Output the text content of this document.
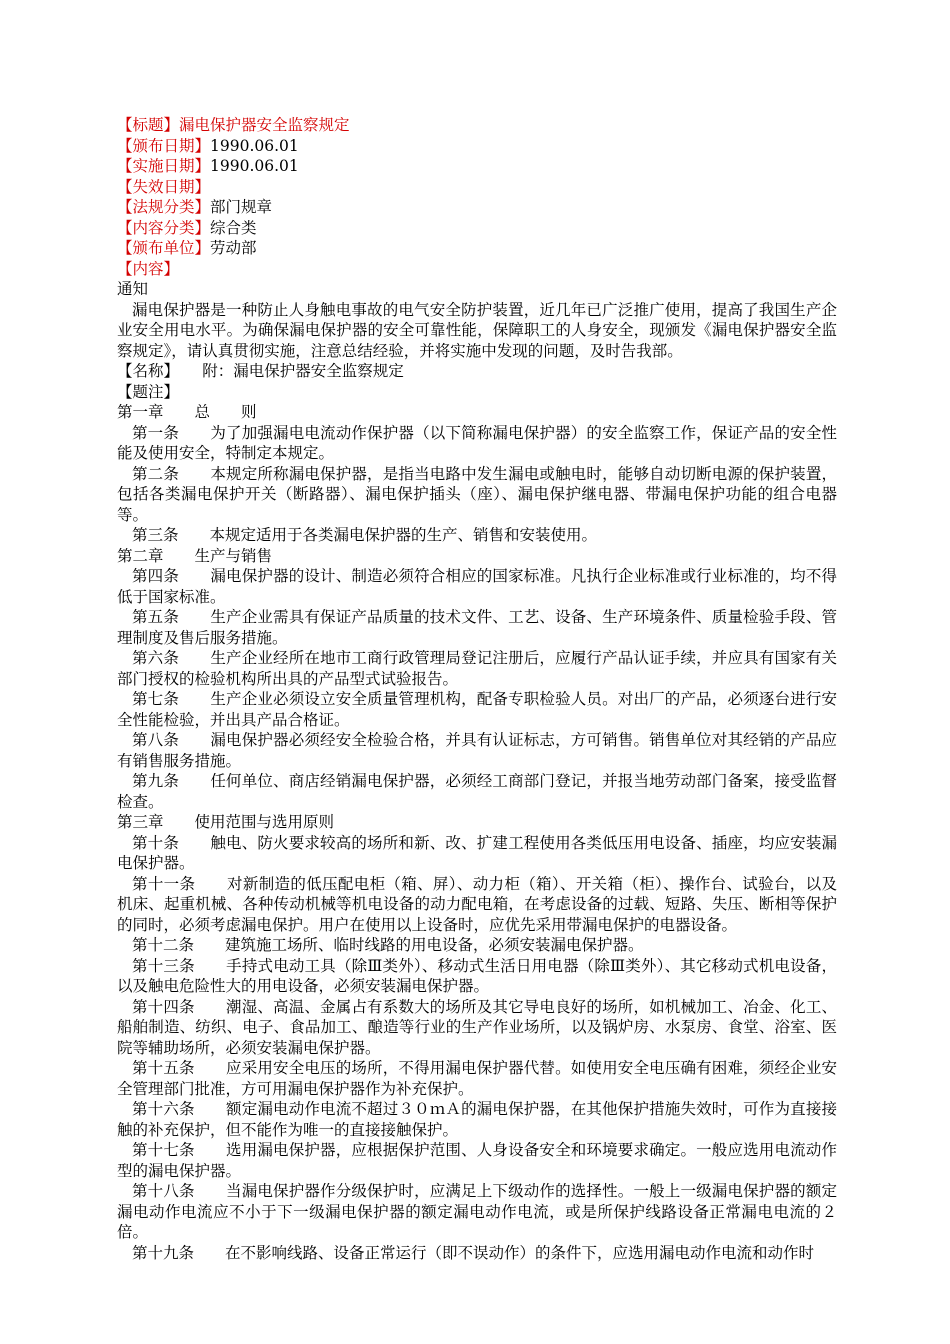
【标题】漏电保护器安全监察规定
【颁布日期】1990.06.01
【实施日期】1990.06.01
【失效日期】
【法规分类】部门规章
【内容分类】综合类
【颁布单位】劳动部
【内容】

通知

漏电保护器是一种防止人身触电事故的电气安全防护装置，近几年已广泛推广使用，提高了我国生产企业安全用电水平。为确保漏电保护器的安全可靠性能，保障职工的人身安全，现颁发《漏电保护器安全监察规定》，请认真贯彻实施，注意总结经验，并将实施中发现的问题，及时告我部。

【名称】　　附：漏电保护器安全监察规定

【题注】

第一章　　总　　则

第一条　　为了加强漏电电流动作保护器（以下简称漏电保护器）的安全监察工作，保证产品的安全性能及使用安全，特制定本规定。

第二条　　本规定所称漏电保护器，是指当电路中发生漏电或触电时，能够自动切断电源的保护装置，包括各类漏电保护开关（断路器）、漏电保护插头（座）、漏电保护继电器、带漏电保护功能的组合电器等。

第三条　　本规定适用于各类漏电保护器的生产、销售和安装使用。

第二章　　生产与销售

第四条　　漏电保护器的设计、制造必须符合相应的国家标准。凡执行企业标准或行业标准的，均不得低于国家标准。

第五条　　生产企业需具有保证产品质量的技术文件、工艺、设备、生产环境条件、质量检验手段、管理制度及售后服务措施。

第六条　　生产企业经所在地市工商行政管理局登记注册后，应履行产品认证手续，并应具有国家有关部门授权的检验机构所出具的产品型式试验报告。

第七条　　生产企业必须设立安全质量管理机构，配备专职检验人员。对出厂的产品，必须逐台进行安全性能检验，并出具产品合格证。

第八条　　漏电保护器必须经安全检验合格，并具有认证标志，方可销售。销售单位对其经销的产品应有销售服务措施。

第九条　　任何单位、商店经销漏电保护器，必须经工商部门登记，并报当地劳动部门备案，接受监督检查。

第三章　　使用范围与选用原则

第十条　　触电、防火要求较高的场所和新、改、扩建工程使用各类低压用电设备、插座，均应安装漏电保护器。

第十一条　　对新制造的低压配电柜（箱、屏）、动力柜（箱）、开关箱（柜）、操作台、试验台，以及机床、起重机械、各种传动机械等机电设备的动力配电箱，在考虑设备的过载、短路、失压、断相等保护的同时，必须考虑漏电保护。用户在使用以上设备时，应优先采用带漏电保护的电器设备。

第十二条　　建筑施工场所、临时线路的用电设备，必须安装漏电保护器。

第十三条　　手持式电动工具（除Ⅲ类外）、移动式生活日用电器（除Ⅲ类外）、其它移动式机电设备，以及触电危险性大的用电设备，必须安装漏电保护器。

第十四条　　潮湿、高温、金属占有系数大的场所及其它导电良好的场所，如机械加工、冶金、化工、船舶制造、纺织、电子、食品加工、酿造等行业的生产作业场所，以及锅炉房、水泵房、食堂、浴室、医院等辅助场所，必须安装漏电保护器。

第十五条　　应采用安全电压的场所，不得用漏电保护器代替。如使用安全电压确有困难，须经企业安全管理部门批准，方可用漏电保护器作为补充保护。

第十六条　　额定漏电动作电流不超过３０ｍＡ的漏电保护器，在其他保护措施失效时，可作为直接接触的补充保护，但不能作为唯一的直接接触保护。

第十七条　　选用漏电保护器，应根据保护范围、人身设备安全和环境要求确定。一般应选用电流动作型的漏电保护器。

第十八条　　当漏电保护器作分级保护时，应满足上下级动作的选择性。一般上一级漏电保护器的额定漏电动作电流应不小于下一级漏电保护器的额定漏电动作电流，或是所保护线路设备正常漏电电流的２倍。

第十九条　　在不影响线路、设备正常运行（即不误动作）的条件下，应选用漏电动作电流和动作时
